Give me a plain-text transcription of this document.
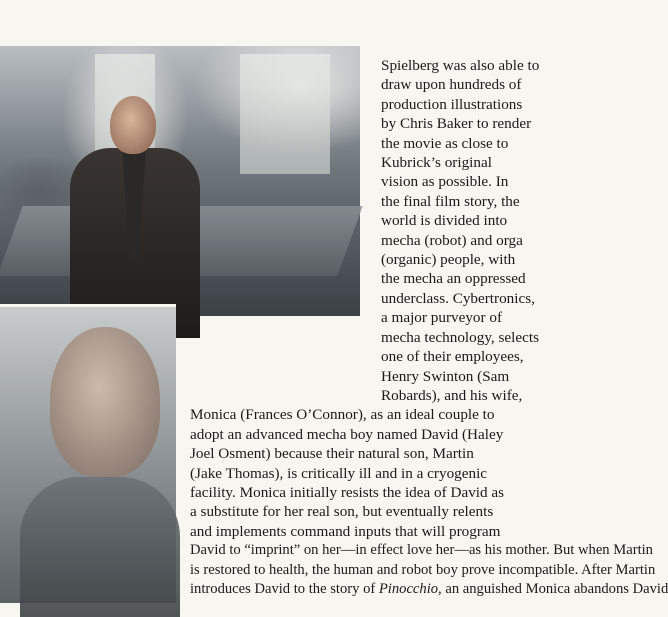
Spielberg was also able to
draw upon hundreds of
production illustrations
by Chris Baker to render
the movie as close to
Kubrick’s original
vision as possible. In
the final film story, the
world is divided into
mecha (robot) and orga
(organic) people, with
the mecha an oppressed
underclass. Cybertronics,
a major purveyor of
mecha technology, selects
one of their employees,
Henry Swinton (Sam
Robards), and his wife,
Monica (Frances O’Connor), as an ideal couple to
adopt an advanced mecha boy named David (Haley
Joel Osment) because their natural son, Martin
(Jake Thomas), is critically ill and in a cryogenic
facility. Monica initially resists the idea of David as
a substitute for her real son, but eventually relents
and implements command inputs that will program
David to “imprint” on her—in effect love her—as his mother. But when Martin
is restored to health, the human and robot boy prove incompatible. After Martin
introduces David to the story of Pinocchio, an anguished Monica abandons David
